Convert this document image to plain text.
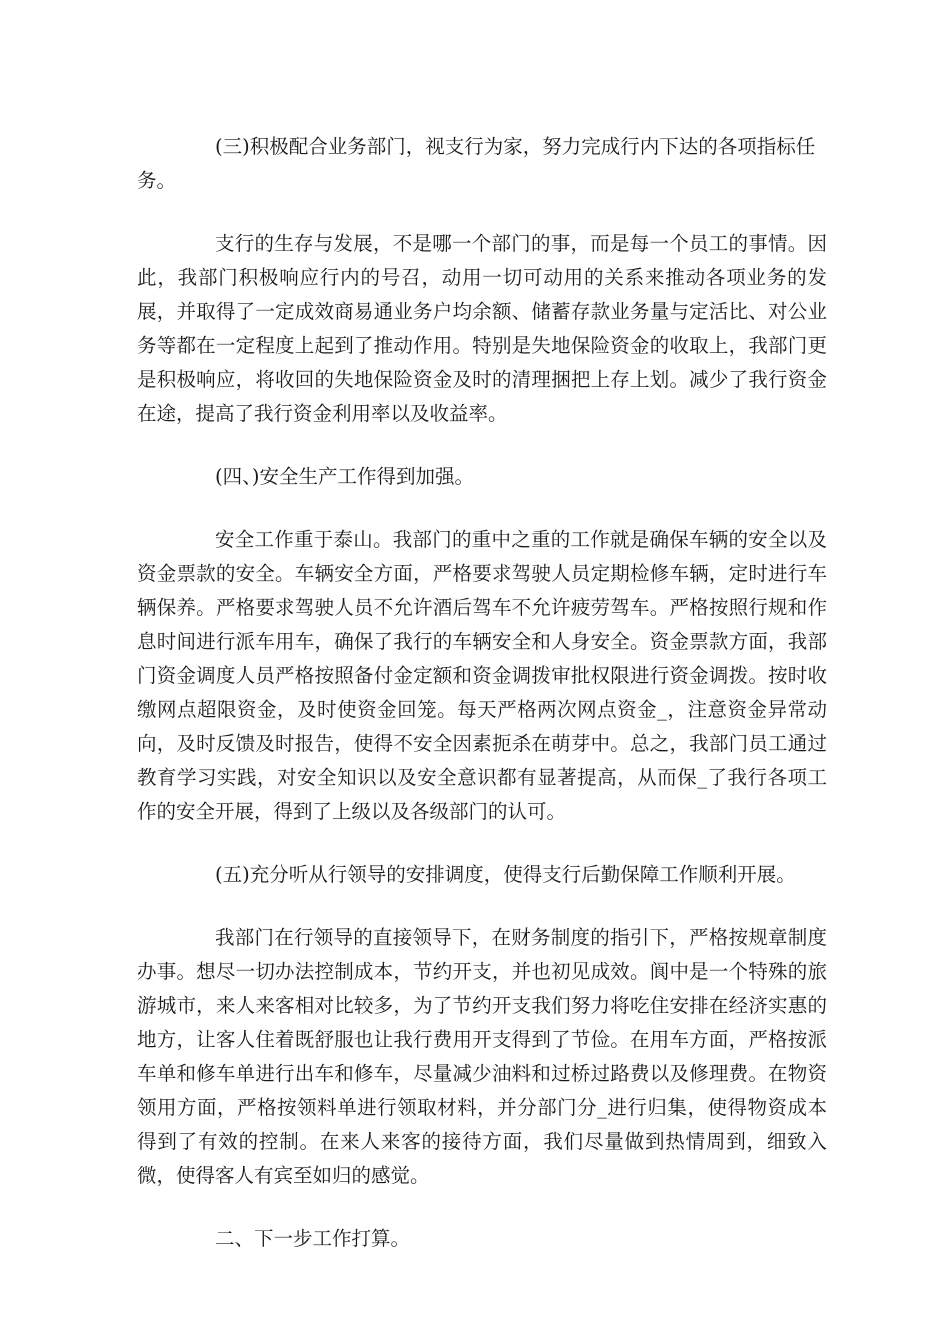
(三)积极配合业务部门，视支行为家，努力完成行内下达的各项指标任务。

支行的生存与发展，不是哪一个部门的事，而是每一个员工的事情。因此，我部门积极响应行内的号召，动用一切可动用的关系来推动各项业务的发展，并取得了一定成效商易通业务户均余额、储蓄存款业务量与定活比、对公业务等都在一定程度上起到了推动作用。特别是失地保险资金的收取上，我部门更是积极响应，将收回的失地保险资金及时的清理捆把上存上划。减少了我行资金在途，提高了我行资金利用率以及收益率。

(四、)安全生产工作得到加强。

安全工作重于泰山。我部门的重中之重的工作就是确保车辆的安全以及资金票款的安全。车辆安全方面，严格要求驾驶人员定期检修车辆，定时进行车辆保养。严格要求驾驶人员不允许酒后驾车不允许疲劳驾车。严格按照行规和作息时间进行派车用车，确保了我行的车辆安全和人身安全。资金票款方面，我部门资金调度人员严格按照备付金定额和资金调拨审批权限进行资金调拨。按时收缴网点超限资金，及时使资金回笼。每天严格两次网点资金_，注意资金异常动向，及时反馈及时报告，使得不安全因素扼杀在萌芽中。总之，我部门员工通过教育学习实践，对安全知识以及安全意识都有显著提高，从而保_了我行各项工作的安全开展，得到了上级以及各级部门的认可。

(五)充分听从行领导的安排调度，使得支行后勤保障工作顺利开展。

我部门在行领导的直接领导下，在财务制度的指引下，严格按规章制度办事。想尽一切办法控制成本，节约开支，并也初见成效。阆中是一个特殊的旅游城市，来人来客相对比较多，为了节约开支我们努力将吃住安排在经济实惠的地方，让客人住着既舒服也让我行费用开支得到了节俭。在用车方面，严格按派车单和修车单进行出车和修车，尽量减少油料和过桥过路费以及修理费。在物资领用方面，严格按领料单进行领取材料，并分部门分_进行归集，使得物资成本得到了有效的控制。在来人来客的接待方面，我们尽量做到热情周到，细致入微，使得客人有宾至如归的感觉。

二、下一步工作打算。
